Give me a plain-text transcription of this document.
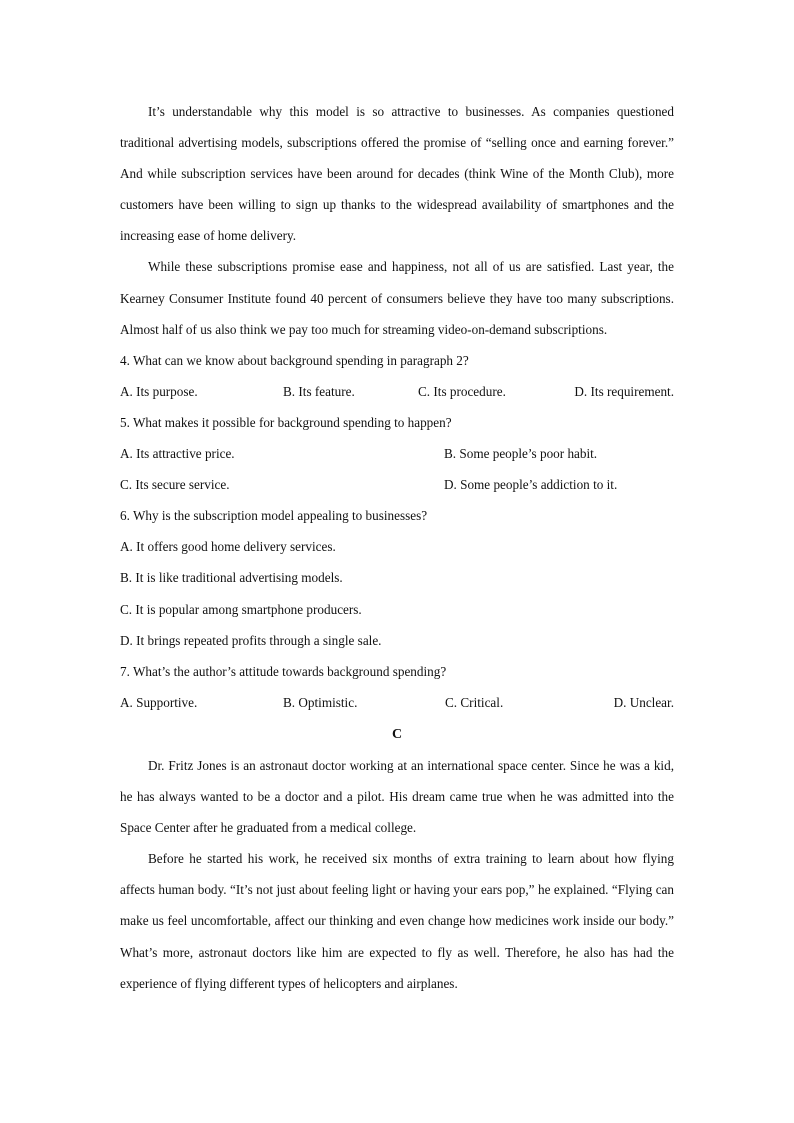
It’s understandable why this model is so attractive to businesses. As companies questioned traditional advertising models, subscriptions offered the promise of “selling once and earning forever.” And while subscription services have been around for decades (think Wine of the Month Club), more customers have been willing to sign up thanks to the widespread availability of smartphones and the increasing ease of home delivery.

While these subscriptions promise ease and happiness, not all of us are satisfied. Last year, the Kearney Consumer Institute found 40 percent of consumers believe they have too many subscriptions. Almost half of us also think we pay too much for streaming video-on-demand subscriptions.

4. What can we know about background spending in paragraph 2?

A. Its purpose.	B. Its feature.	C. Its procedure.	D. Its requirement.

5. What makes it possible for background spending to happen?

A. Its attractive price.	B. Some people’s poor habit.
C. Its secure service.	D. Some people’s addiction to it.

6. Why is the subscription model appealing to businesses?

A. It offers good home delivery services.
B. It is like traditional advertising models.
C. It is popular among smartphone producers.
D. It brings repeated profits through a single sale.

7. What’s the author’s attitude towards background spending?

A. Supportive.	B. Optimistic.	C. Critical.	D. Unclear.

C

Dr. Fritz Jones is an astronaut doctor working at an international space center. Since he was a kid, he has always wanted to be a doctor and a pilot. His dream came true when he was admitted into the Space Center after he graduated from a medical college.

Before he started his work, he received six months of extra training to learn about how flying affects human body. “It’s not just about feeling light or having your ears pop,” he explained. “Flying can make us feel uncomfortable, affect our thinking and even change how medicines work inside our body.” What’s more, astronaut doctors like him are expected to fly as well. Therefore, he also has had the experience of flying different types of helicopters and airplanes.
